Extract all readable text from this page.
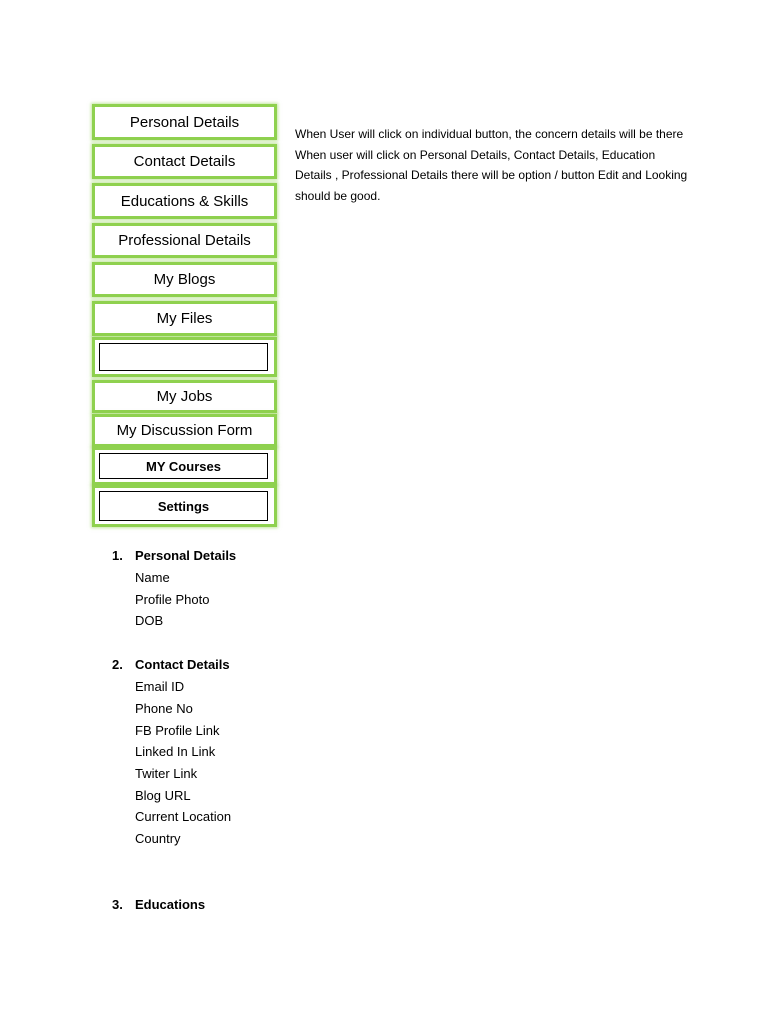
Personal Details
Contact Details
Educations & Skills
Professional Details
My Blogs
My Files
My Jobs
My Discussion Form
MY Courses
Settings
When User will click on individual button, the concern details will be there When user will click on Personal Details, Contact Details, Education Details , Professional Details there will be option / button Edit and Looking should be good.
1. Personal Details
Name
Profile Photo
DOB
2. Contact Details
Email ID
Phone No
FB Profile Link
Linked In Link
Twiter Link
Blog URL
Current Location
Country
3. Educations
